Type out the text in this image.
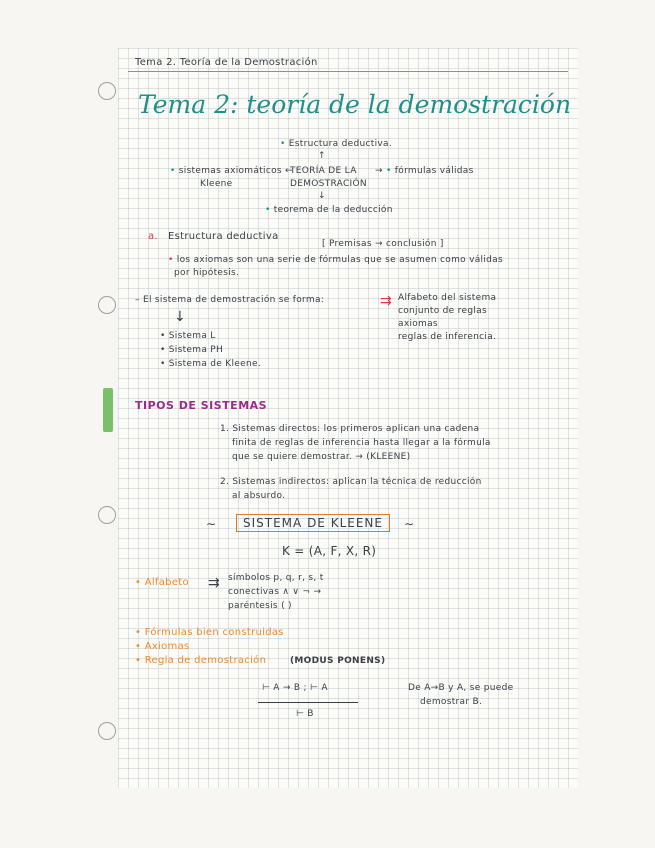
Tema 2. Teoría de la Demostración
Tema 2: teoría de la demostración
• Estructura deductiva.
↑
• sistemas axiomáticos ←
Kleene
TEORÍA DE LA
DEMOSTRACIÓN
→ • fórmulas válidas
↓
• teorema de la deducción
a. Estructura deductiva
[ Premisas → conclusión ]
• los axiomas son una serie de fórmulas que se asumen como válidas
por hipótesis.
– El sistema de demostración se forma:	⇉ Alfabeto del sistema
conjunto de reglas
axiomas
reglas de inferencia.
↓
• Sistema L
• Sistema PH
• Sistema de Kleene.
TIPOS DE SISTEMAS
1. Sistemas directos: los primeros aplican una cadena
finita de reglas de inferencia hasta llegar a la fórmula
que se quiere demostrar. → (KLEENE)
2. Sistemas indirectos: aplican la técnica de reducción
al absurdo.
∼	SISTEMA DE KLEENE	∼
K = (A, F, X, R)
• Alfabeto ⇉ símbolos p, q, r, s, t
conectivas ∧ ∨ ¬ →
paréntesis ( )
• Fórmulas bien construidas
• Axiomas
• Regla de demostración	(MODUS PONENS)
⊢ A → B ; ⊢ A
⊢ B
De A→B y A, se puede
demostrar B.
